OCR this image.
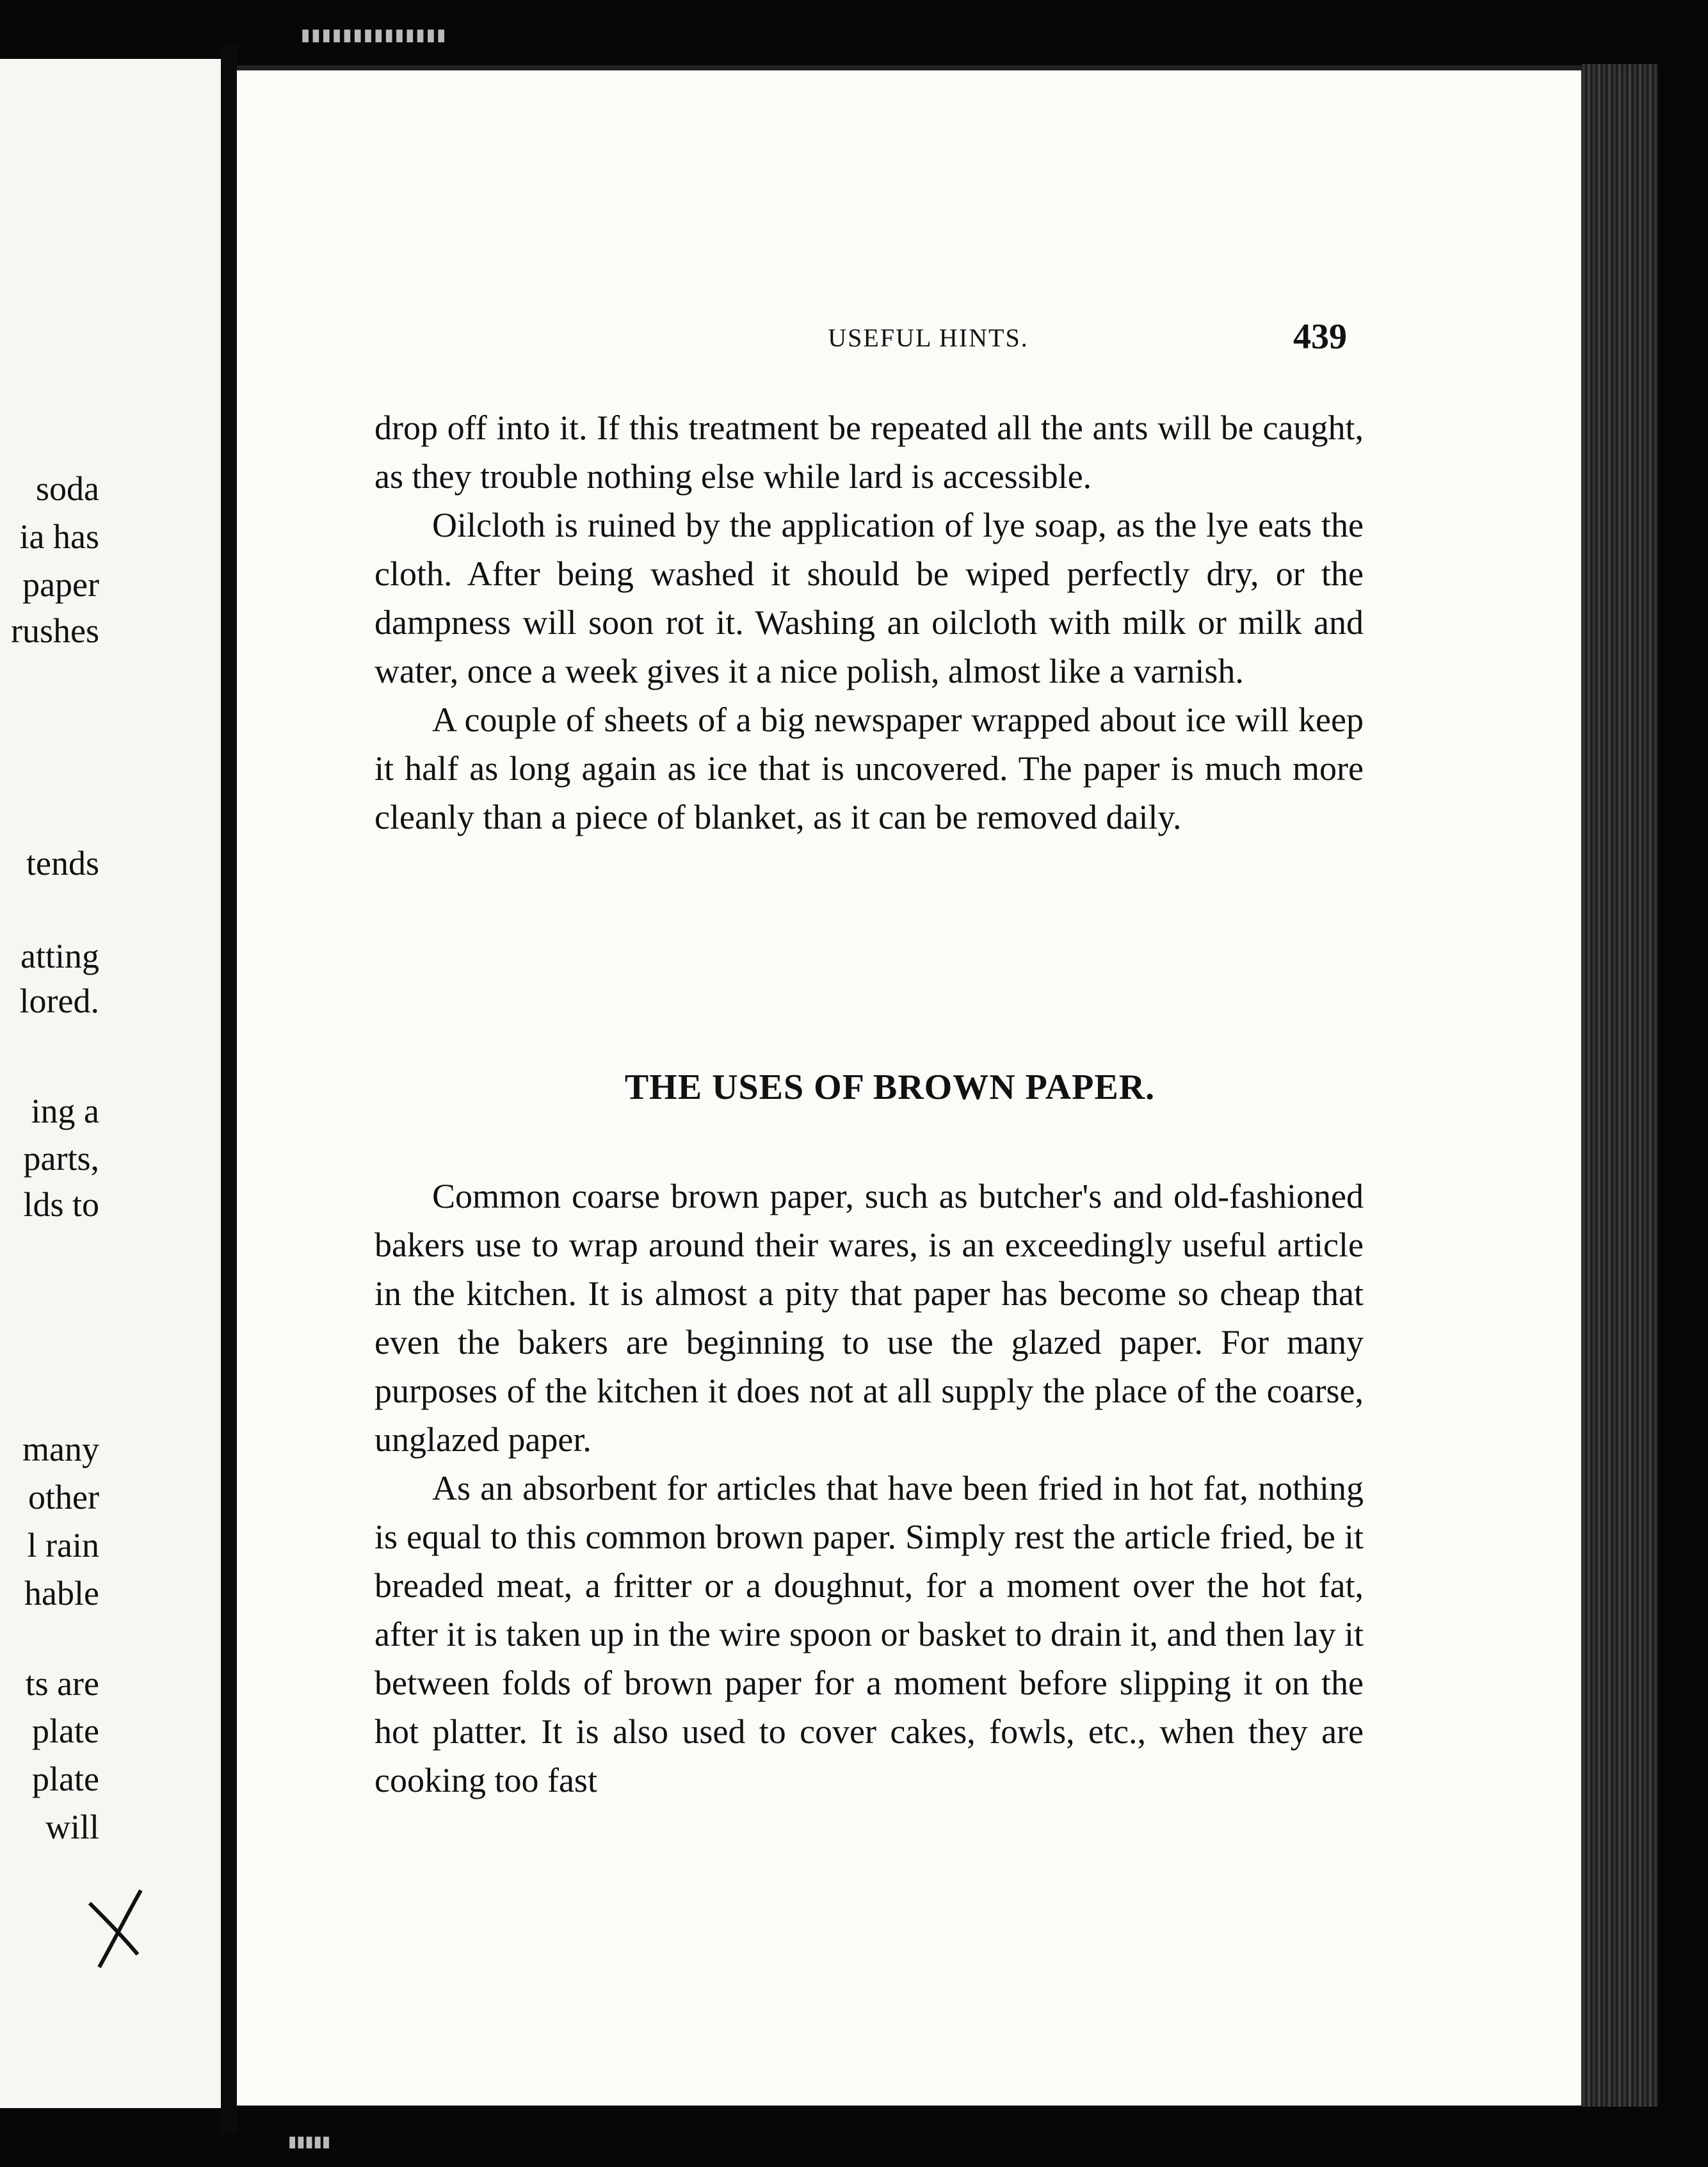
▮▮▮▮▮▮▮▮▮▮▮▮▮▮
▮▮▮▮▮
soda
ia has
paper
rushes
tends
atting
lored.
ing a
parts,
lds to
many
other
l rain
hable
ts are
plate
plate
will
USEFUL HINTS.	439

drop off into it. If this treatment be repeated all the ants will be caught, as they trouble nothing else while lard is accessible.

Oilcloth is ruined by the application of lye soap, as the lye eats the cloth. After being washed it should be wiped perfectly dry, or the dampness will soon rot it. Washing an oilcloth with milk or milk and water, once a week gives it a nice polish, almost like a varnish.

A couple of sheets of a big newspaper wrapped about ice will keep it half as long again as ice that is uncovered. The paper is much more cleanly than a piece of blanket, as it can be removed daily.

THE USES OF BROWN PAPER.

Common coarse brown paper, such as butcher's and old-fashioned bakers use to wrap around their wares, is an exceedingly useful article in the kitchen. It is almost a pity that paper has become so cheap that even the bakers are beginning to use the glazed paper. For many purposes of the kitchen it does not at all supply the place of the coarse, unglazed paper.

As an absorbent for articles that have been fried in hot fat, nothing is equal to this common brown paper. Simply rest the article fried, be it breaded meat, a fritter or a doughnut, for a moment over the hot fat, after it is taken up in the wire spoon or basket to drain it, and then lay it between folds of brown paper for a moment before slipping it on the hot platter. It is also used to cover cakes, fowls, etc., when they are cooking too fast
